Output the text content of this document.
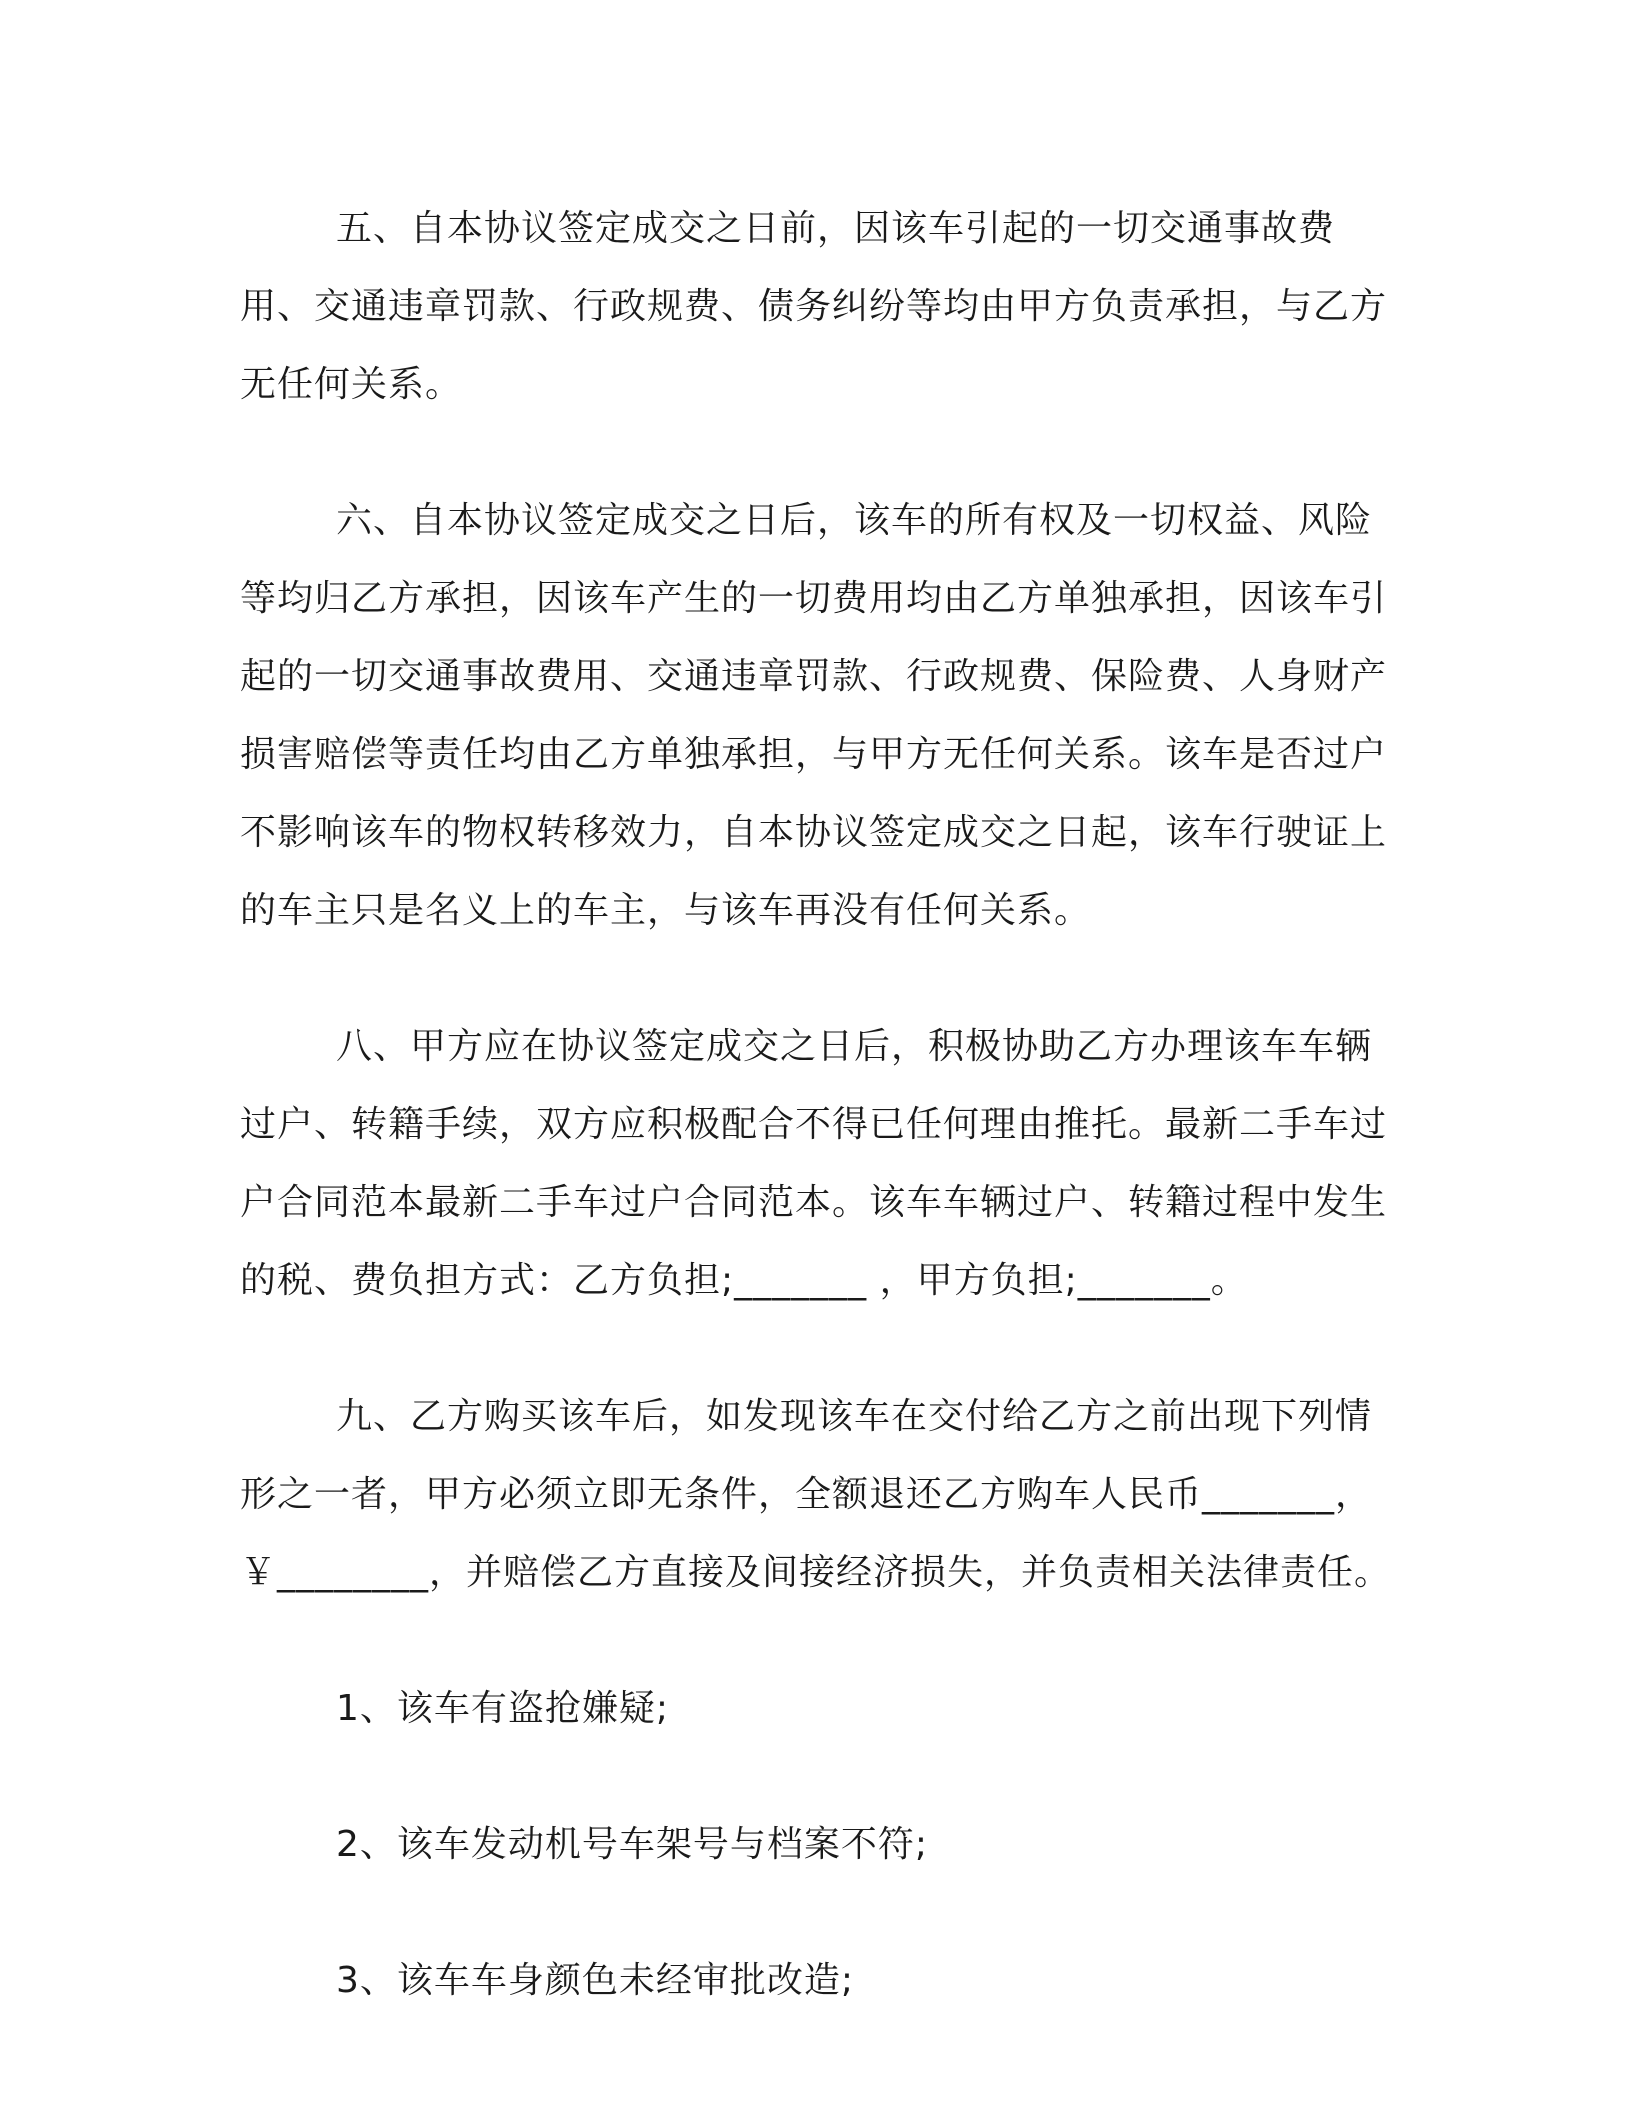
五、自本协议签定成交之日前，因该车引起的一切交通事故费用、交通违章罚款、行政规费、债务纠纷等均由甲方负责承担，与乙方无任何关系。

六、自本协议签定成交之日后，该车的所有权及一切权益、风险等均归乙方承担，因该车产生的一切费用均由乙方单独承担，因该车引起的一切交通事故费用、交通违章罚款、行政规费、保险费、人身财产损害赔偿等责任均由乙方单独承担，与甲方无任何关系。该车是否过户不影响该车的物权转移效力，自本协议签定成交之日起，该车行驶证上的车主只是名义上的车主，与该车再没有任何关系。

八、甲方应在协议签定成交之日后，积极协助乙方办理该车车辆过户、转籍手续，双方应积极配合不得已任何理由推托。最新二手车过户合同范本最新二手车过户合同范本。该车车辆过户、转籍过程中发生的税、费负担方式：乙方负担;_______ ，甲方负担;_______。

九、乙方购买该车后，如发现该车在交付给乙方之前出现下列情形之一者，甲方必须立即无条件，全额退还乙方购车人民币_______，￥________，并赔偿乙方直接及间接经济损失，并负责相关法律责任。

1、该车有盗抢嫌疑;

2、该车发动机号车架号与档案不符;

3、该车车身颜色未经审批改造;
